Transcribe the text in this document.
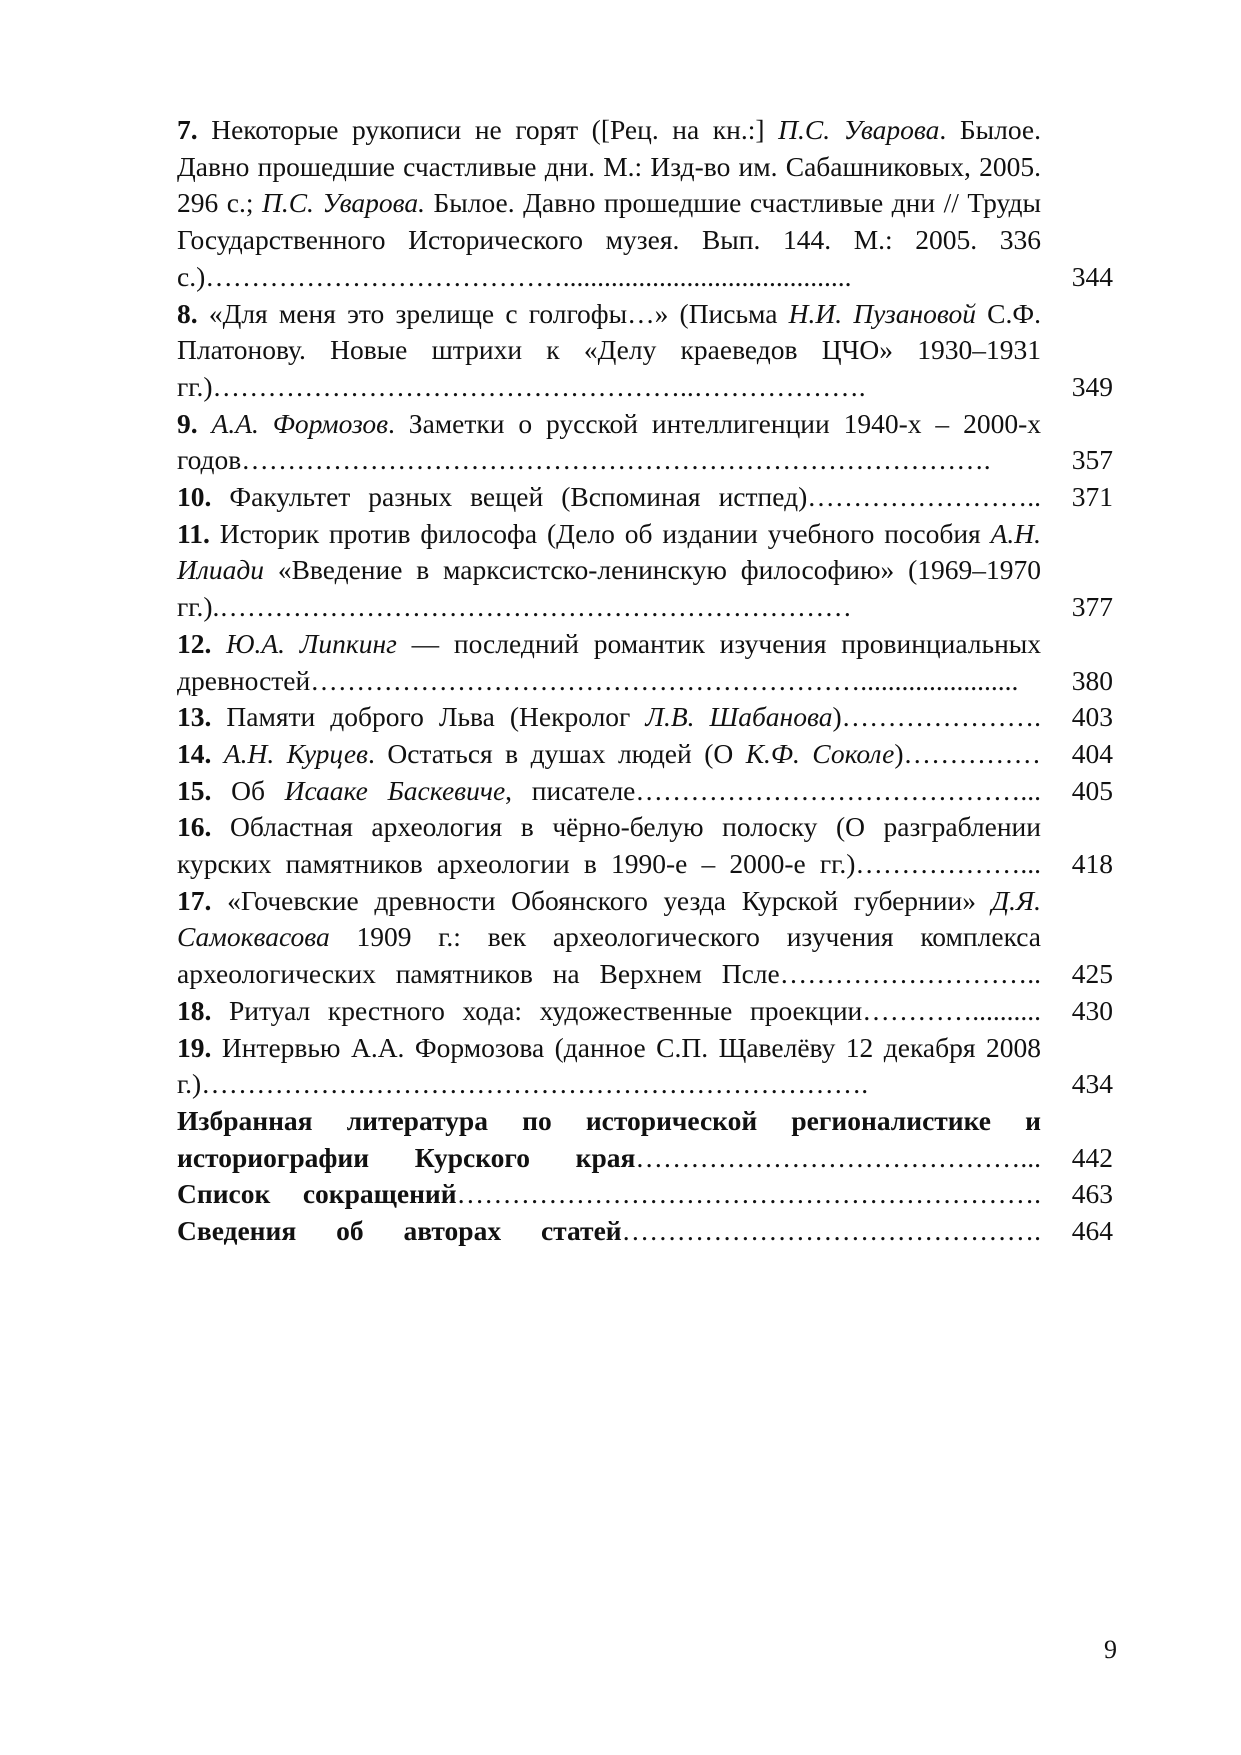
7. Некоторые рукописи не горят ([Рец. на кн.:] П.С. Уварова. Былое. Давно прошедшие счастливые дни. М.: Изд-во им. Сабашниковых, 2005. 296 с.; П.С. Уварова. Былое. Давно прошедшие счастливые дни // Труды Государственного Исторического музея. Вып. 144. М.: 2005. 336 с.)…………………………………..........................................	344
8. «Для меня это зрелище с голгофы…» (Письма Н.И. Пузановой С.Ф. Платонову. Новые штрихи к «Делу краеведов ЦЧО» 1930–1931 гг.)……………………………………………..……………….	349
9. А.А. Формозов. Заметки о русской интеллигенции 1940-х – 2000-х годов……………………………………………………………………….	357
10. Факультет разных вещей (Вспоминая истпед)……………………..	371
11. Историк против философа (Дело об издании учебного пособия А.Н. Илиади «Введение в марксистско-ленинскую философию» (1969–1970 гг.).……………………………………………………………	377
12. Ю.А. Липкинг — последний романтик изучения провинциальных древностей…………………………………………………….......................	380
13. Памяти доброго Льва (Некролог Л.В. Шабанова)………………….	403
14. А.Н. Курцев. Остаться в душах людей (О К.Ф. Соколе)……………	404
15. Об Исааке Баскевиче, писателе……………………………………...	405
16. Областная археология в чёрно-белую полоску (О разграблении курских памятников археологии в 1990-е – 2000-е гг.)………………...	418
17. «Гочевские древности Обоянского уезда Курской губернии» Д.Я. Самоквасова 1909 г.: век археологического изучения комплекса археологических памятников на Верхнем Псле………………………..	425
18. Ритуал крестного хода: художественные проекции…………..........	430
19. Интервью А.А. Формозова (данное С.П. Щавелёву 12 декабря 2008 г.)……………………………………………………………….	434
Избранная литература по исторической регионалистике и историографии Курского края……………………………………...	442
Список сокращений……………………………………………………….	463
Сведения об авторах статей……………………………………….	464
9
